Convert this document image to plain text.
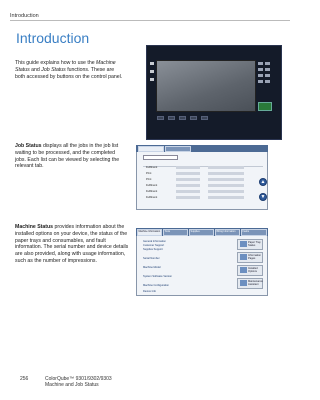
Introduction
Introduction
This guide explains how to use the Machine Status and Job Status functions. These are both accessed by buttons on the control panel.
Job Status displays all the jobs in the job list waiting to be processed, and the completed jobs. Each list can be viewed by selecting the relevant tab.
Machine Status provides information about the installed options on your device, the status of the paper trays and consumables, and fault information. The serial number and device details are also provided, along with usage information, such as the number of impressions.
Fulfilment
Print
Print
Fulfilment
Fulfilment
Fulfilment
▲
▼
Machine Information	Tools	Supplies	Billing Information	Faults
General Information
Customer Support
Supplies Support
Serial Number
Machine Model
System Software Version
Machine Configuration
Device Info
Paper Tray Status
Information Pages
Installed Options
Maintenance Assistant
256	ColorQube™ 9301/9302/9303
Machine and Job Status
